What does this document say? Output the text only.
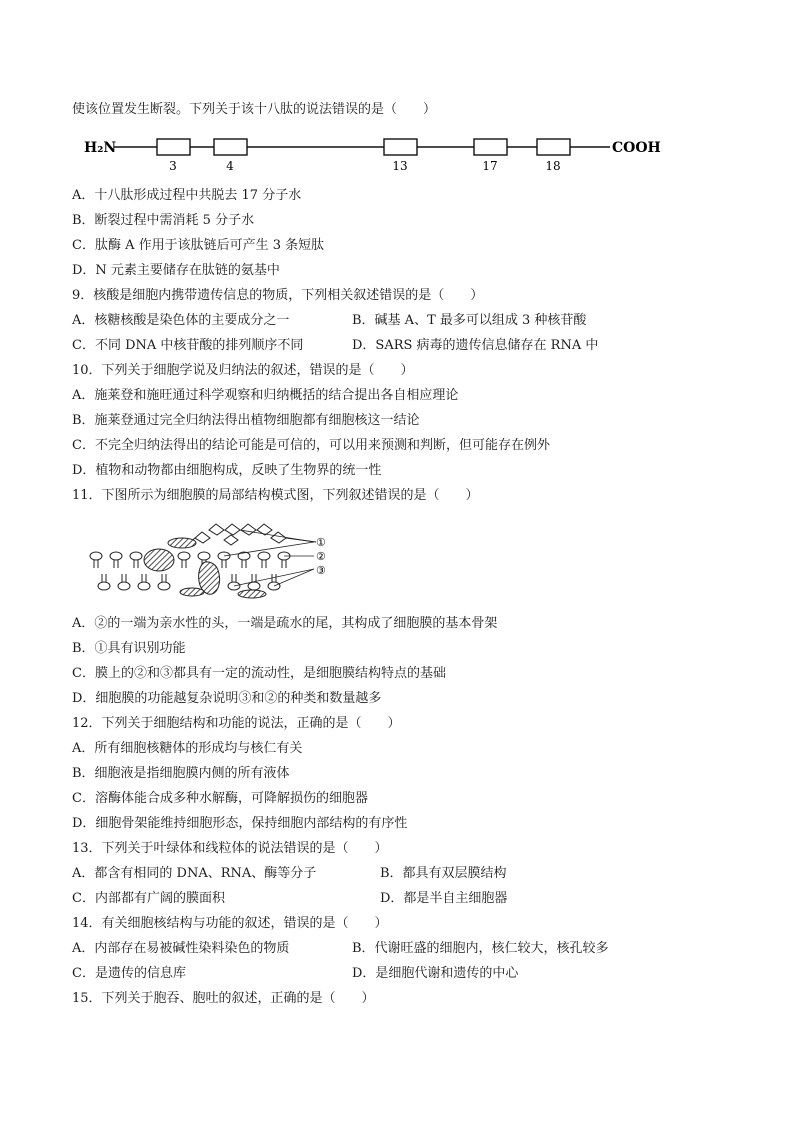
使该位置发生断裂。下列关于该十八肽的说法错误的是（　　）
H₂N
3	4	13	17	18
COOH
A．十八肽形成过程中共脱去 17 分子水
B．断裂过程中需消耗 5 分子水
C．肽酶 A 作用于该肽链后可产生 3 条短肽
D．N 元素主要储存在肽链的氨基中
9．核酸是细胞内携带遗传信息的物质，下列相关叙述错误的是（　　）
A．核糖核酸是染色体的主要成分之一	B．碱基 A、T 最多可以组成 3 种核苷酸
C．不同 DNA 中核苷酸的排列顺序不同	D．SARS 病毒的遗传信息储存在 RNA 中
10．下列关于细胞学说及归纳法的叙述，错误的是（　　）
A．施莱登和施旺通过科学观察和归纳概括的结合提出各自相应理论
B．施莱登通过完全归纳法得出植物细胞都有细胞核这一结论
C．不完全归纳法得出的结论可能是可信的，可以用来预测和判断，但可能存在例外
D．植物和动物都由细胞构成，反映了生物界的统一性
11．下图所示为细胞膜的局部结构模式图，下列叙述错误的是（　　）
①
②
③
A．②的一端为亲水性的头，一端是疏水的尾，其构成了细胞膜的基本骨架
B．①具有识别功能
C．膜上的②和③都具有一定的流动性，是细胞膜结构特点的基础
D．细胞膜的功能越复杂说明③和②的种类和数量越多
12．下列关于细胞结构和功能的说法，正确的是（　　）
A．所有细胞核糖体的形成均与核仁有关
B．细胞液是指细胞膜内侧的所有液体
C．溶酶体能合成多种水解酶，可降解损伤的细胞器
D．细胞骨架能维持细胞形态，保持细胞内部结构的有序性
13．下列关于叶绿体和线粒体的说法错误的是（　　）
A．都含有相同的 DNA、RNA、酶等分子	B．都具有双层膜结构
C．内部都有广阔的膜面积	D．都是半自主细胞器
14．有关细胞核结构与功能的叙述，错误的是（　　）
A．内部存在易被碱性染料染色的物质	B．代谢旺盛的细胞内，核仁较大，核孔较多
C．是遗传的信息库	D．是细胞代谢和遗传的中心
15．下列关于胞吞、胞吐的叙述，正确的是（　　）
